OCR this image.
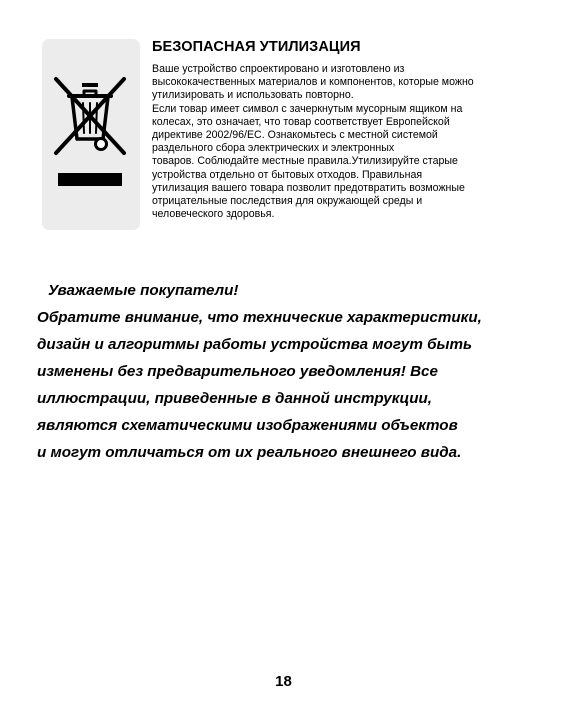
БЕЗОПАСНАЯ УТИЛИЗАЦИЯ
Ваше устройство спроектировано и изготовлено из
высококачественных материалов и компонентов, которые можно
утилизировать и использовать повторно.
Если товар имеет символ с зачеркнутым мусорным ящиком на
колесах, это означает, что товар соответствует Европейской
директиве 2002/96/EC. Ознакомьтесь с местной системой
раздельного сбора электрических и электронных
товаров. Соблюдайте местные правила.Утилизируйте старые
устройства отдельно от бытовых отходов. Правильная
утилизация вашего товара позволит предотвратить возможные
отрицательные последствия для окружающей среды и
человеческого здоровья.
Уважаемые покупатели!
Обратите внимание, что технические характеристики,
дизайн и алгоритмы работы устройства могут быть
изменены без предварительного уведомления! Все
иллюстрации, приведенные в данной инструкции,
являются схематическими изображениями объектов
и могут отличаться от их реального внешнего вида.
18
